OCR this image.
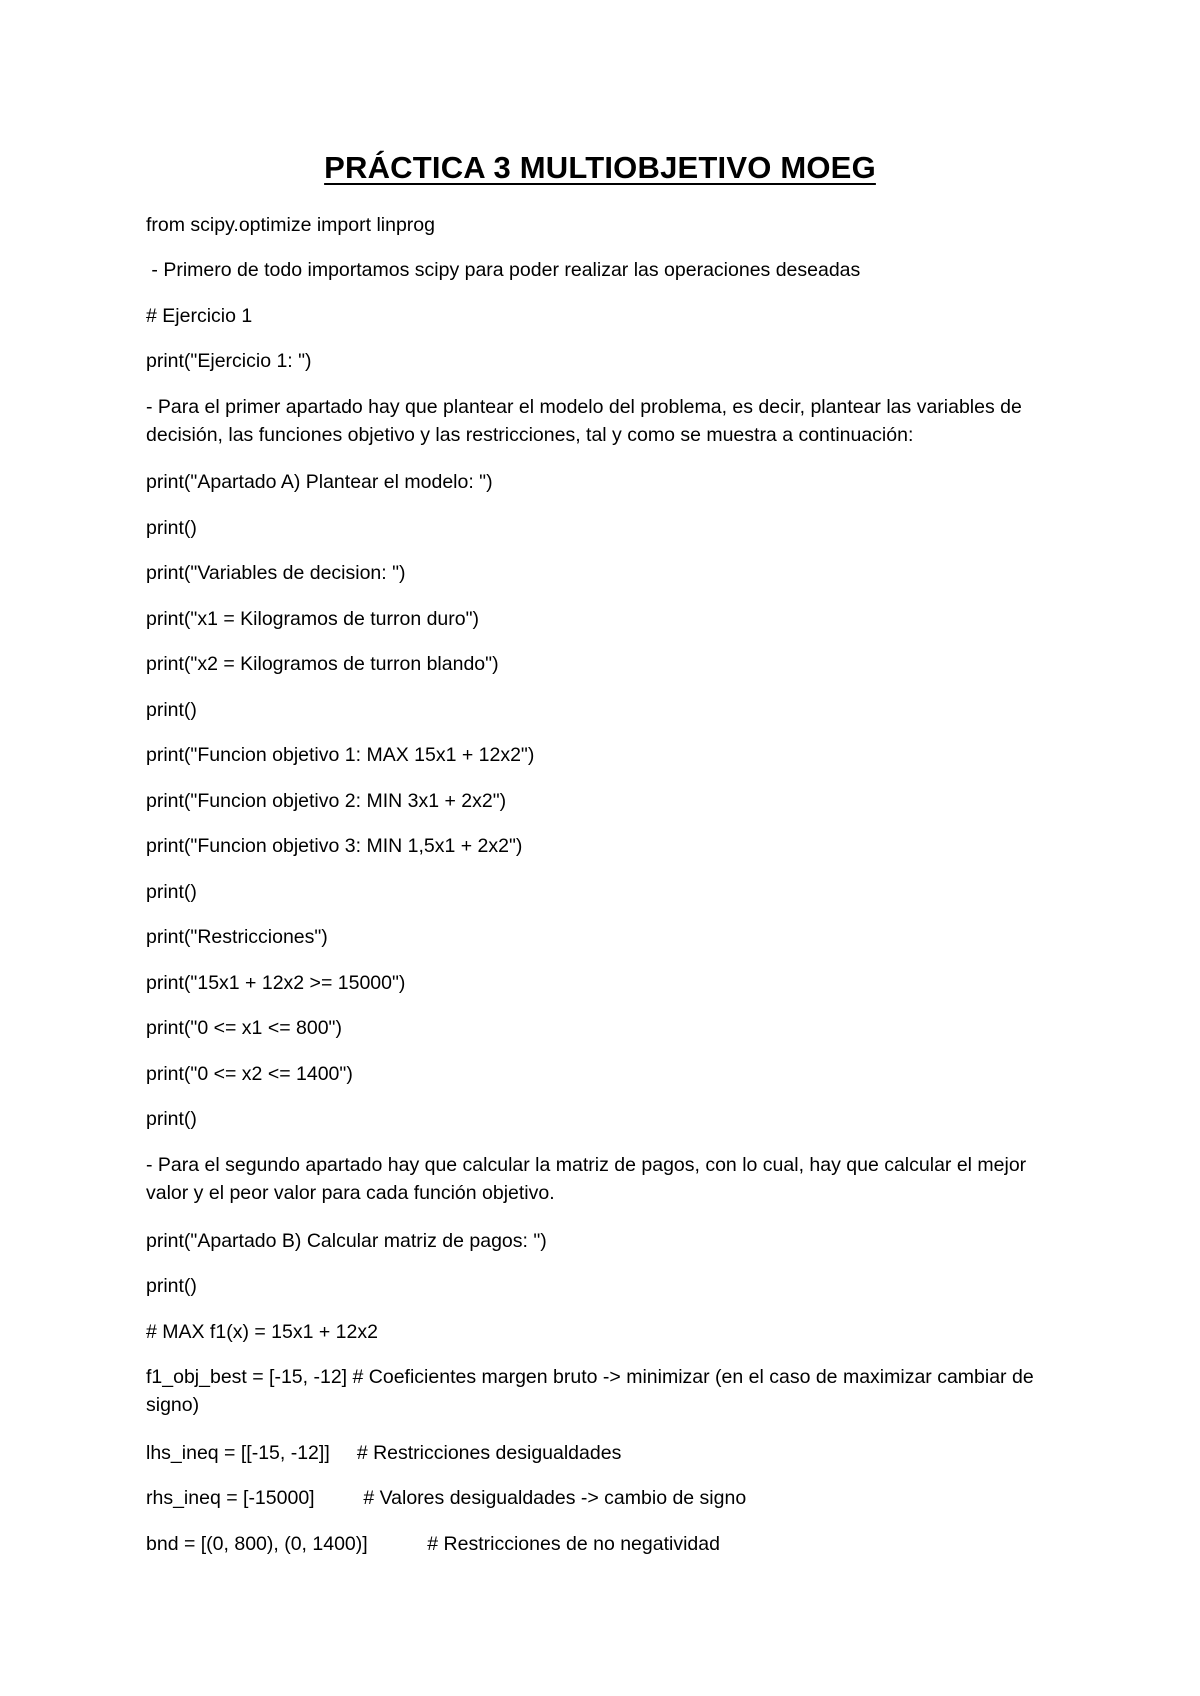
PRÁCTICA 3 MULTIOBJETIVO MOEG
from scipy.optimize import linprog
- Primero de todo importamos scipy para poder realizar las operaciones deseadas
# Ejercicio 1
print("Ejercicio 1: ")
- Para el primer apartado hay que plantear el modelo del problema, es decir, plantear las variables de decisión, las funciones objetivo y las restricciones, tal y como se muestra a continuación:
print("Apartado A) Plantear el modelo: ")
print()
print("Variables de decision: ")
print("x1 = Kilogramos de turron duro")
print("x2 = Kilogramos de turron blando")
print()
print("Funcion objetivo 1: MAX 15x1 + 12x2")
print("Funcion objetivo 2: MIN 3x1 + 2x2")
print("Funcion objetivo 3: MIN 1,5x1 + 2x2")
print()
print("Restricciones")
print("15x1 + 12x2 >= 15000")
print("0 <= x1 <= 800")
print("0 <= x2 <= 1400")
print()
- Para el segundo apartado hay que calcular la matriz de pagos, con lo cual, hay que calcular el mejor valor y el peor valor para cada función objetivo.
print("Apartado B) Calcular matriz de pagos: ")
print()
# MAX f1(x) = 15x1 + 12x2
f1_obj_best = [-15, -12] # Coeficientes margen bruto -> minimizar (en el caso de maximizar cambiar de signo)
lhs_ineq = [[-15, -12]]     # Restricciones desigualdades
rhs_ineq = [-15000]         # Valores desigualdades -> cambio de signo
bnd = [(0, 800), (0, 1400)]           # Restricciones de no negatividad
